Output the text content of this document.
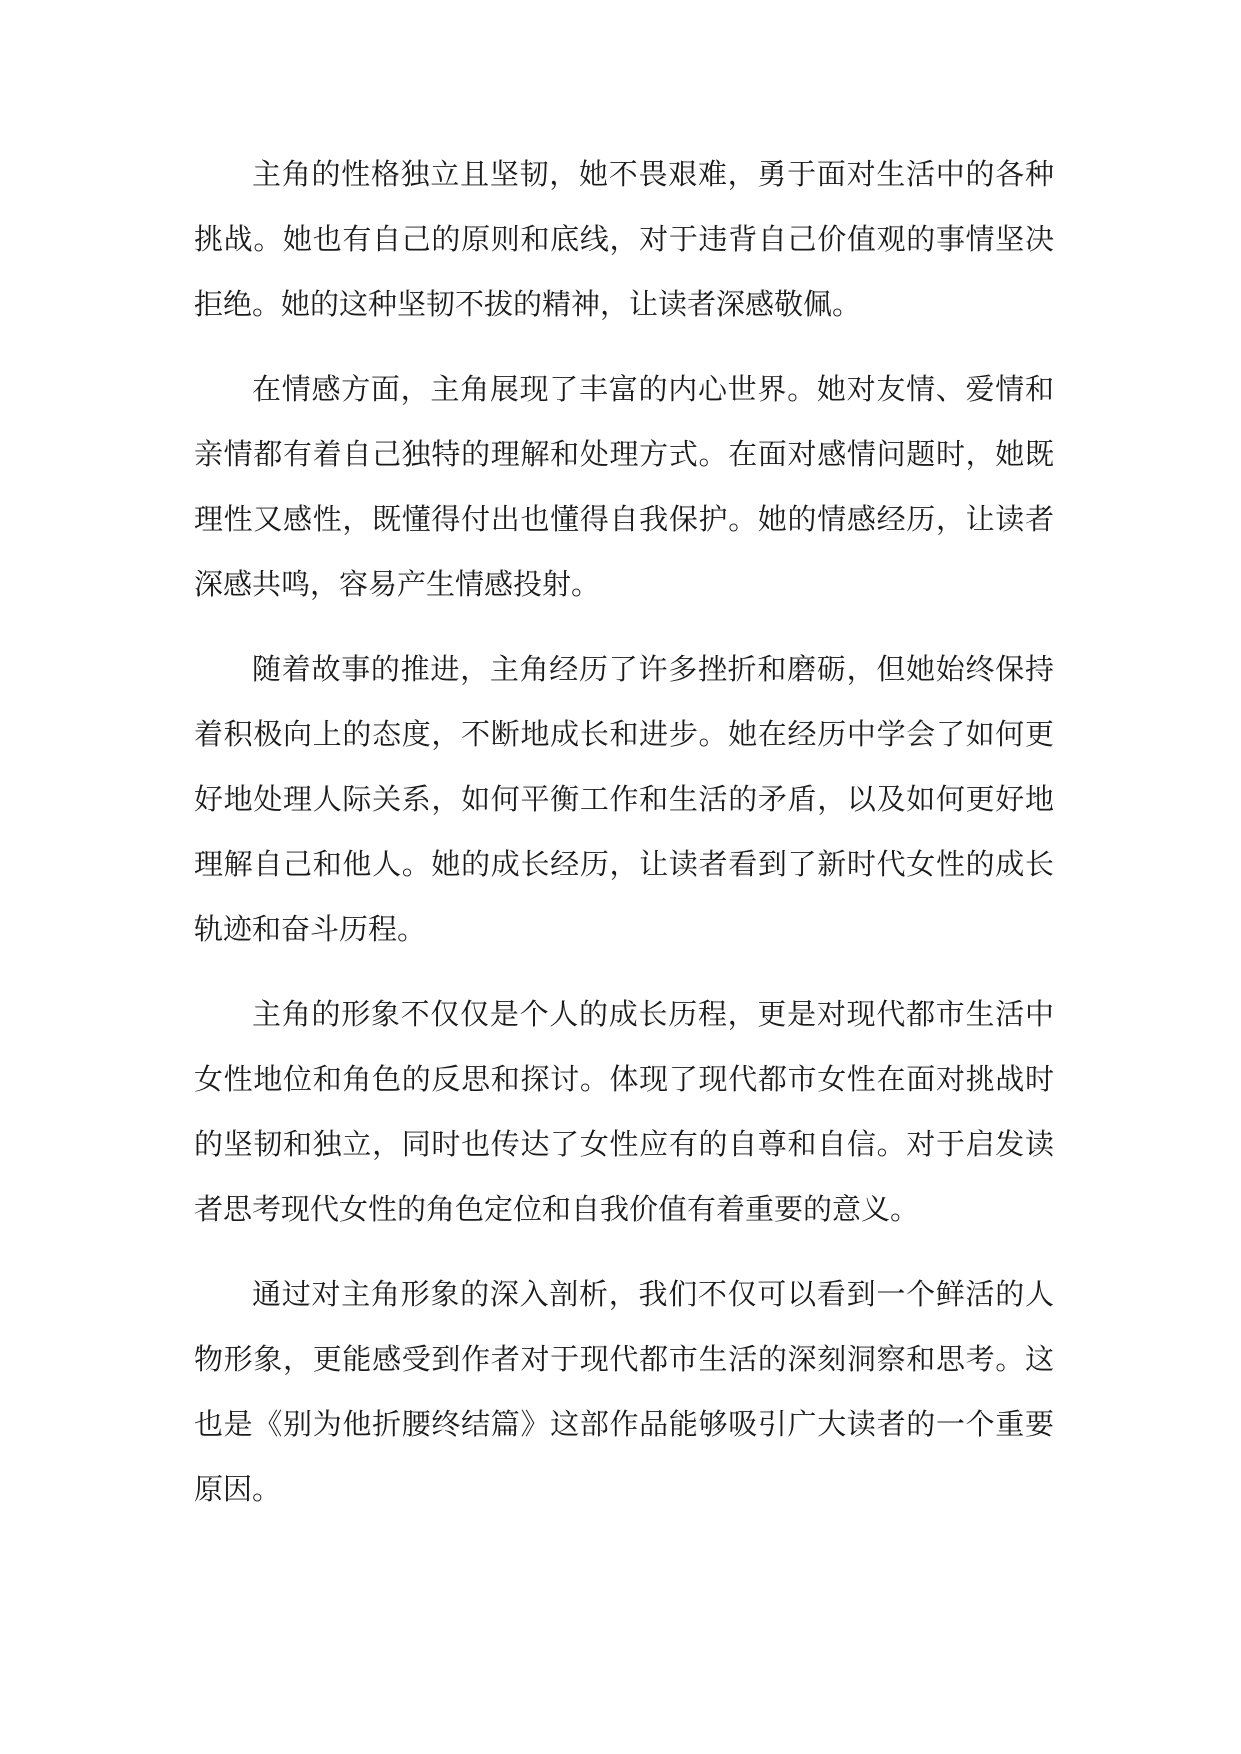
主角的性格独立且坚韧，她不畏艰难，勇于面对生活中的各种挑战。她也有自己的原则和底线，对于违背自己价值观的事情坚决拒绝。她的这种坚韧不拔的精神，让读者深感敬佩。

在情感方面，主角展现了丰富的内心世界。她对友情、爱情和亲情都有着自己独特的理解和处理方式。在面对感情问题时，她既理性又感性，既懂得付出也懂得自我保护。她的情感经历，让读者深感共鸣，容易产生情感投射。

随着故事的推进，主角经历了许多挫折和磨砺，但她始终保持着积极向上的态度，不断地成长和进步。她在经历中学会了如何更好地处理人际关系，如何平衡工作和生活的矛盾，以及如何更好地理解自己和他人。她的成长经历，让读者看到了新时代女性的成长轨迹和奋斗历程。

主角的形象不仅仅是个人的成长历程，更是对现代都市生活中女性地位和角色的反思和探讨。体现了现代都市女性在面对挑战时的坚韧和独立，同时也传达了女性应有的自尊和自信。对于启发读者思考现代女性的角色定位和自我价值有着重要的意义。

通过对主角形象的深入剖析，我们不仅可以看到一个鲜活的人物形象，更能感受到作者对于现代都市生活的深刻洞察和思考。这也是《别为他折腰终结篇》这部作品能够吸引广大读者的一个重要原因。
